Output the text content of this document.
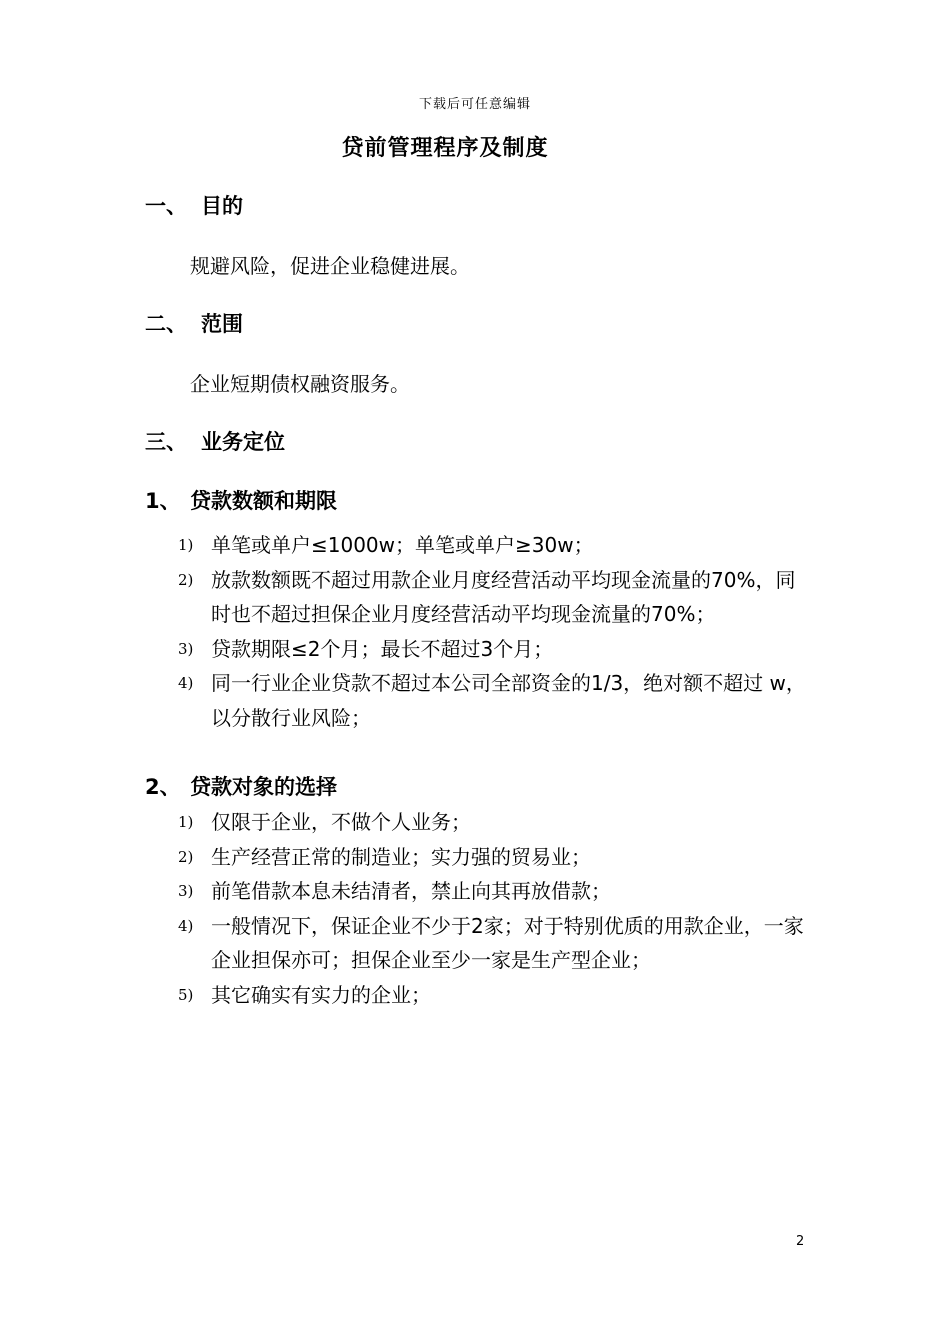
下载后可任意编辑
贷前管理程序及制度
一、 目的
规避风险，促进企业稳健进展。
二、 范围
企业短期债权融资服务。
三、 业务定位
1、 贷款数额和期限
1) 单笔或单户≤1000w；单笔或单户≥30w；
2) 放款数额既不超过用款企业月度经营活动平均现金流量的70%，同时也不超过担保企业月度经营活动平均现金流量的70%；
3) 贷款期限≤2个月；最长不超过3个月；
4) 同一行业企业贷款不超过本公司全部资金的1/3，绝对额不超过 w，以分散行业风险；
2、 贷款对象的选择
1) 仅限于企业，不做个人业务；
2) 生产经营正常的制造业；实力强的贸易业；
3) 前笔借款本息未结清者，禁止向其再放借款；
4) 一般情况下，保证企业不少于2家；对于特别优质的用款企业，一家企业担保亦可；担保企业至少一家是生产型企业；
5) 其它确实有实力的企业；
2
